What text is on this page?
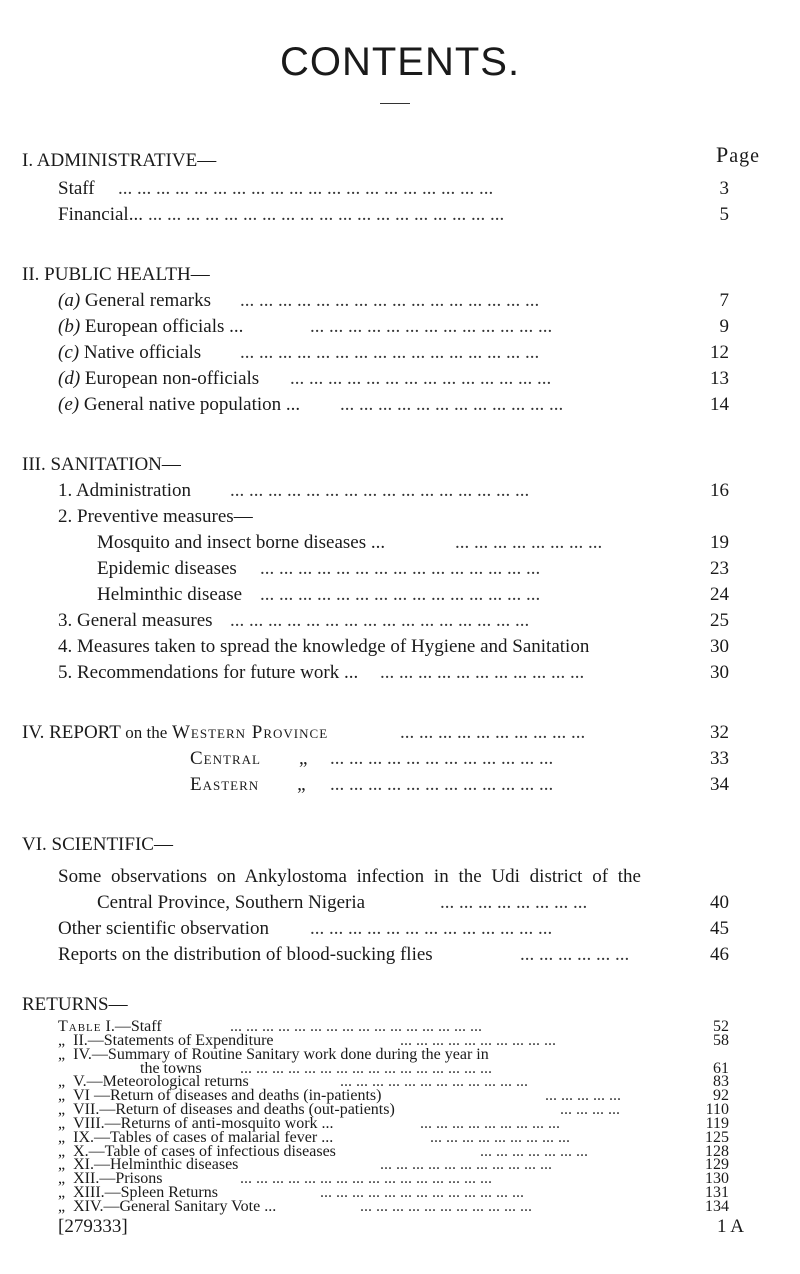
CONTENTS.
Page
I. ADMINISTRATIVE—
Staff ... ... ... ... ... ... ... ... ... ... ... ... ... ... ... ... ... ... ... ...	3
Financial... ... ... ... ... ... ... ... ... ... ... ... ... ... ... ... ... ... ... ...	5
II. PUBLIC HEALTH—
(a) General remarks ... ... ... ... ... ... ... ... ... ... ... ... ... ... ... ...	7
(b) European officials ...	... ... ... ... ... ... ... ... ... ... ... ... ...	9
(c) Native officials ... ... ... ... ... ... ... ... ... ... ... ... ... ... ... ...	12
(d) European non-officials ... ... ... ... ... ... ... ... ... ... ... ... ... ...	13
(e) General native population ... ... ... ... ... ... ... ... ... ... ... ... ...	14
III. SANITATION—
1. Administration ... ... ... ... ... ... ... ... ... ... ... ... ... ... ... ...	16
2. Preventive measures—
Mosquito and insect borne diseases ...	... ... ... ... ... ... ... ...	19
Epidemic diseases ... ... ... ... ... ... ... ... ... ... ... ... ... ... ...	23
Helminthic disease ... ... ... ... ... ... ... ... ... ... ... ... ... ... ...	24
3. General measures ... ... ... ... ... ... ... ... ... ... ... ... ... ... ... ...	25
4. Measures taken to spread the knowledge of Hygiene and Sanitation	30
5. Recommendations for future work ... ... ... ... ... ... ... ... ... ... ... ...	30
IV. REPORT on the Western Province	... ... ... ... ... ... ... ... ... ...	32
Central „ ... ... ... ... ... ... ... ... ... ... ... ...	33
Eastern „ ... ... ... ... ... ... ... ... ... ... ... ...	34
VI. SCIENTIFIC—
Some observations on Ankylostoma infection in the Udi district of the
Central Province, Southern Nigeria	... ... ... ... ... ... ... ...	40
Other scientific observation ... ... ... ... ... ... ... ... ... ... ... ... ...	45
Reports on the distribution of blood-sucking flies	... ... ... ... ... ...	46
RETURNS—
Table I.—Staff	... ... ... ... ... ... ... ... ... ... ... ... ... ... ... ...	52
„ II.—Statements of Expenditure	... ... ... ... ... ... ... ... ... ...	58
„ IV.—Summary of Routine Sanitary work done during the year in
the towns ... ... ... ... ... ... ... ... ... ... ... ... ... ... ... ...	61
„ V.—Meteorological returns	... ... ... ... ... ... ... ... ... ... ... ...	83
„ VI —Return of diseases and deaths (in-patients)	... ... ... ... ...	92
„ VII.—Return of diseases and deaths (out-patients)	... ... ... ...	110
„ VIII.—Returns of anti-mosquito work ...	... ... ... ... ... ... ... ... ...	119
„ IX.—Tables of cases of malarial fever ...	... ... ... ... ... ... ... ... ...	125
„ X.—Table of cases of infectious diseases	... ... ... ... ... ... ...	128
„ XI.—Helminthic diseases	... ... ... ... ... ... ... ... ... ... ...	129
„ XII.—Prisons	... ... ... ... ... ... ... ... ... ... ... ... ... ... ... ...	130
„ XIII.—Spleen Returns	... ... ... ... ... ... ... ... ... ... ... ... ...	131
„ XIV.—General Sanitary Vote ...	... ... ... ... ... ... ... ... ... ... ...	134
[279333]	1 A
